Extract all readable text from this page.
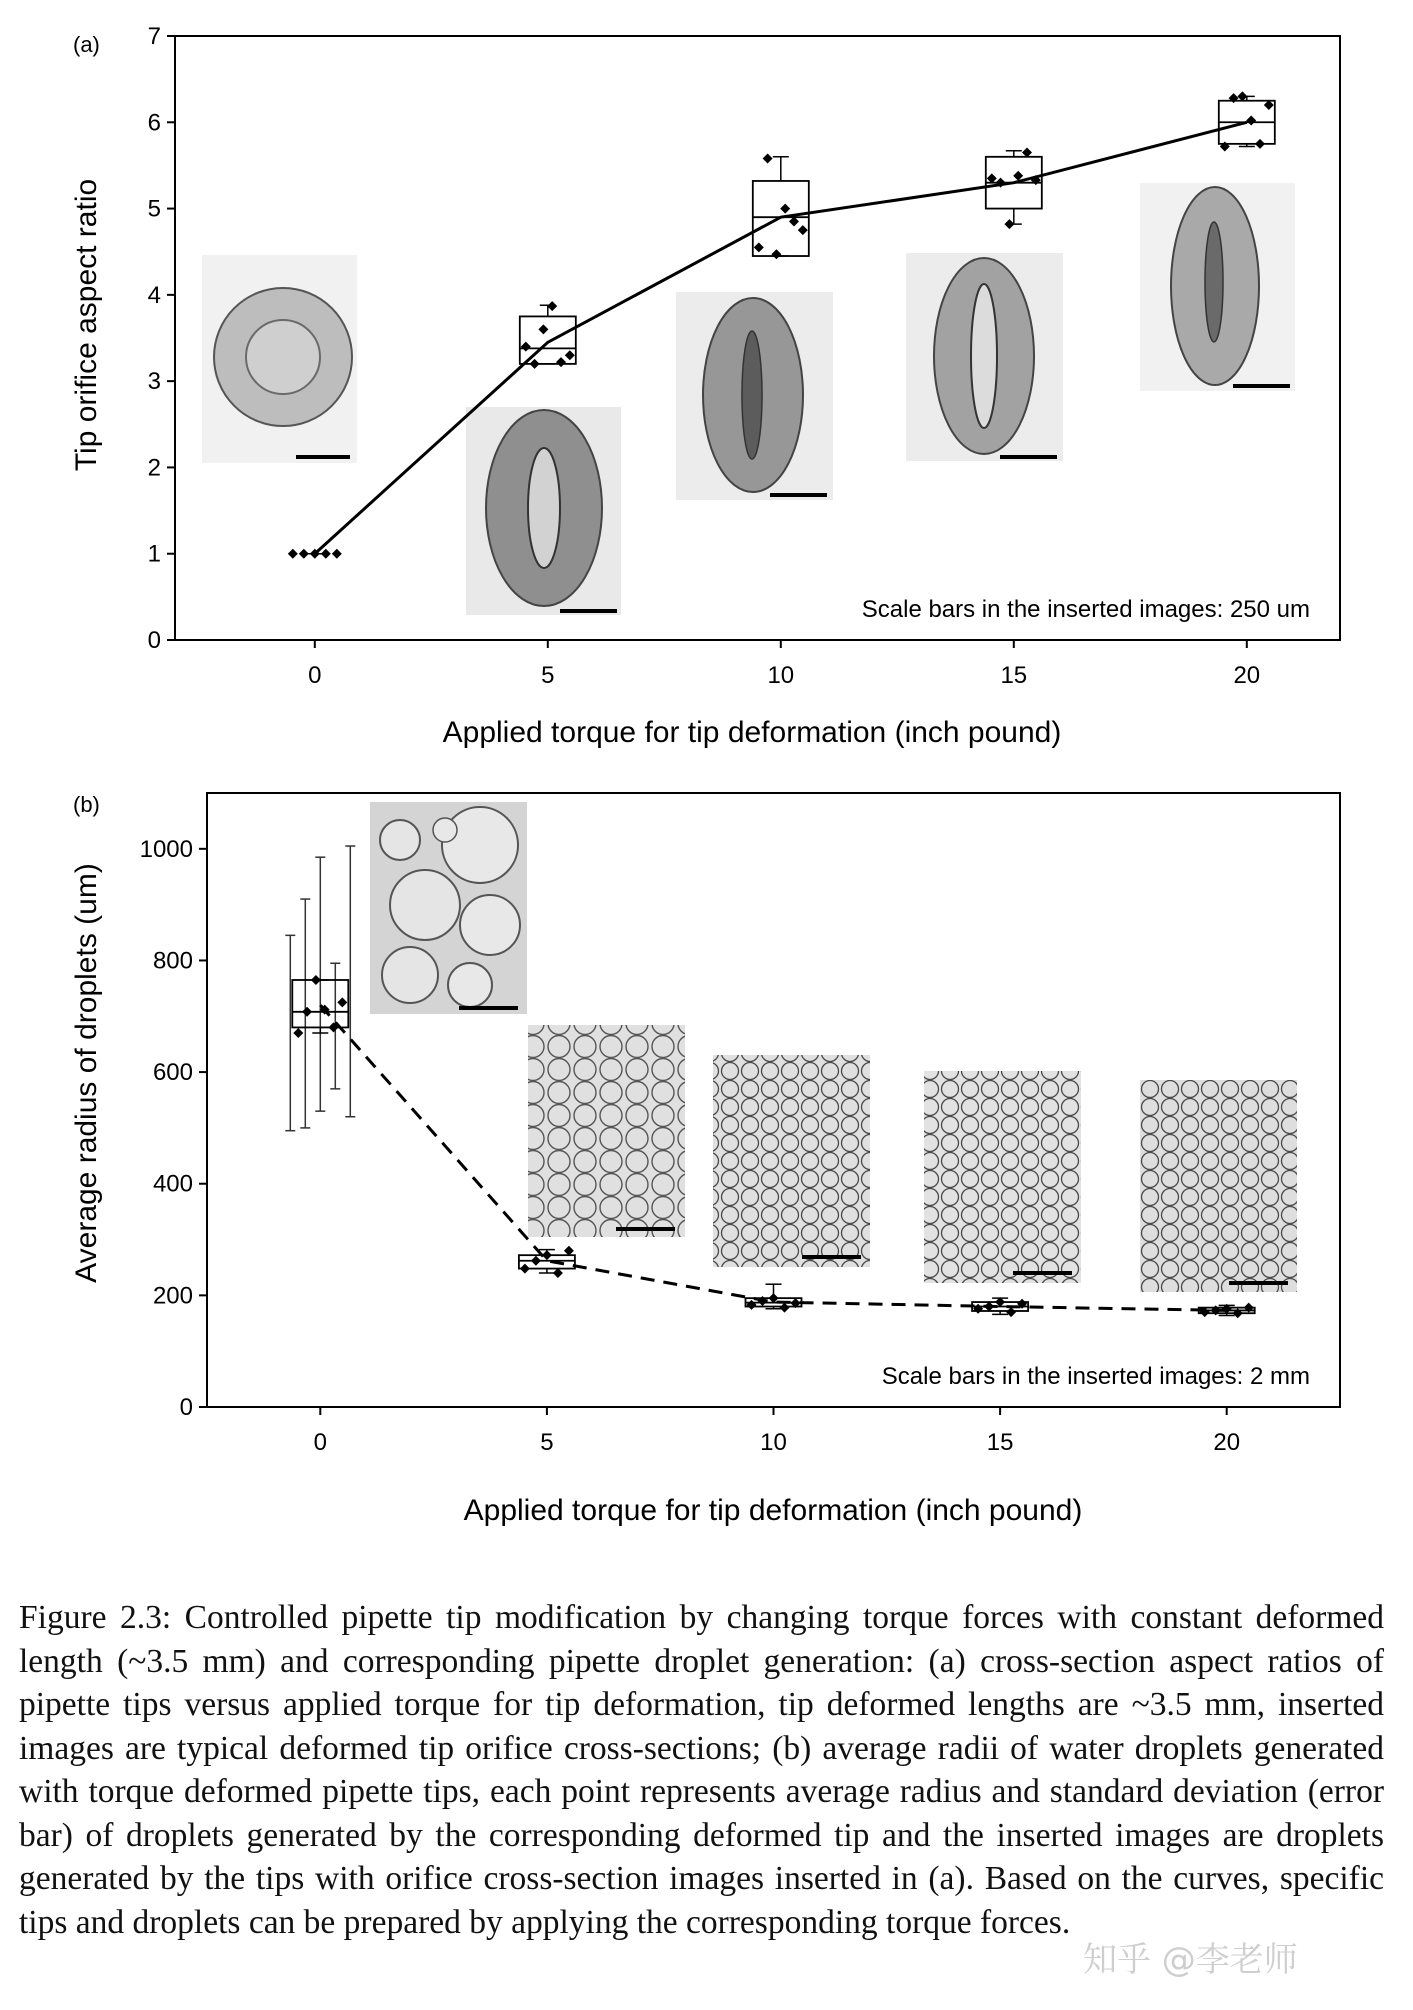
(a)
0	5	10	15	20
0
1
2
3
4
5
6
7
Scale bars in the inserted images: 250 um
Applied torque for tip deformation (inch pound)
Tip orifice aspect ratio
(b)
0	5	10	15	20
0
200
400
600
800
1000
Scale bars in the inserted images: 2 mm
Applied torque for tip deformation (inch pound)
Average radius of droplets (um)
Figure 2.3: Controlled pipette tip modification by changing torque forces with constant deformed length (~3.5 mm) and corresponding pipette droplet generation: (a) cross-section aspect ratios of pipette tips versus applied torque for tip deformation, tip deformed lengths are ~3.5 mm, inserted images are typical deformed tip orifice cross-sections; (b) average radii of water droplets generated with torque deformed pipette tips, each point represents average radius and standard deviation (error bar) of droplets generated by the corresponding deformed tip and the inserted images are droplets generated by the tips with orifice cross-section images inserted in (a). Based on the curves, specific tips and droplets can be prepared by applying the corresponding torque forces.
知乎 @李老师
